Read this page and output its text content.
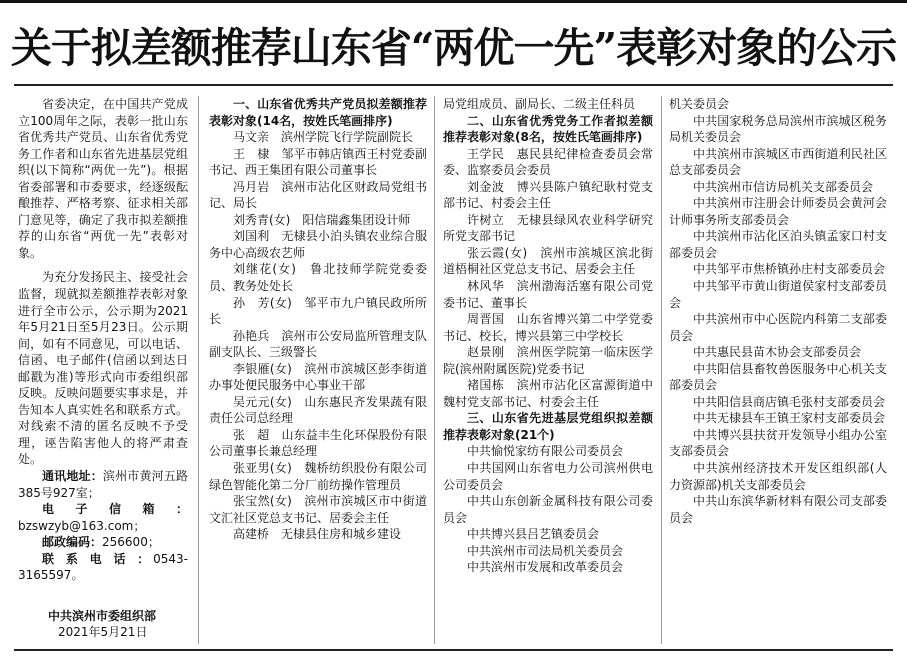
关于拟差额推荐山东省“两优一先”表彰对象的公示

省委决定，在中国共产党成立100周年之际，表彰一批山东省优秀共产党员、山东省优秀党务工作者和山东省先进基层党组织(以下简称“两优一先”)。根据省委部署和市委要求，经逐级酝酿推荐、严格考察、征求相关部门意见等，确定了我市拟差额推荐的山东省“两优一先”表彰对象。

为充分发扬民主、接受社会监督，现就拟差额推荐表彰对象进行全市公示，公示期为2021年5月21日至5月23日。公示期间，如有不同意见，可以电话、信函、电子邮件(信函以到达日邮戳为准)等形式向市委组织部反映。反映问题要实事求是，并告知本人真实姓名和联系方式。对线索不清的匿名反映不予受理，诬告陷害他人的将严肃查处。

通讯地址：滨州市黄河五路385号927室；

电 子 信 箱 ：bzswzyb@163.com；

邮政编码：256600；

联 系 电 话 ：0543-3165597。

中共滨州市委组织部

2021年5月21日

一、山东省优秀共产党员拟差额推荐表彰对象(14名，按姓氏笔画排序)

马文亲　滨州学院飞行学院副院长

王　棣　邹平市韩店镇西王村党委副书记、西王集团有限公司董事长

冯月岩　滨州市沾化区财政局党组书记、局长

刘秀青(女)　阳信瑞鑫集团设计师

刘国利　无棣县小泊头镇农业综合服务中心高级农艺师

刘继花(女)　鲁北技师学院党委委员、教务处处长

孙　芳(女)　邹平市九户镇民政所所长

孙艳兵　滨州市公安局监所管理支队副支队长、三级警长

李银雁(女)　滨州市滨城区彭李街道办事处便民服务中心事业干部

吴元元(女)　山东惠民齐发果蔬有限责任公司总经理

张　超　山东益丰生化环保股份有限公司董事长兼总经理

张亚男(女)　魏桥纺织股份有限公司绿色智能化第二分厂前纺操作管理员

张宝然(女)　滨州市滨城区市中街道文汇社区党总支书记、居委会主任

高建桥　无棣县住房和城乡建设

局党组成员、副局长、二级主任科员

二、山东省优秀党务工作者拟差额推荐表彰对象(8名，按姓氏笔画排序)

王学民　惠民县纪律检查委员会常委、监察委员会委员

刘金波　博兴县陈户镇纪耿村党支部书记、村委会主任

许树立　无棣县绿风农业科学研究所党支部书记

张云霞(女)　滨州市滨城区滨北街道梧桐社区党总支书记、居委会主任

林风华　滨州渤海活塞有限公司党委书记、董事长

周晋国　山东省博兴第二中学党委书记、校长，博兴县第三中学校长

赵景刚　滨州医学院第一临床医学院(滨州附属医院)党委书记

褚国栋　滨州市沾化区富源街道中魏村党支部书记、村委会主任

三、山东省先进基层党组织拟差额推荐表彰对象(21个)

中共愉悦家纺有限公司委员会

中共国网山东省电力公司滨州供电公司委员会

中共山东创新金属科技有限公司委员会

中共博兴县吕艺镇委员会

中共滨州市司法局机关委员会

中共滨州市发展和改革委员会

机关委员会

中共国家税务总局滨州市滨城区税务局机关委员会

中共滨州市滨城区市西街道利民社区总支部委员会

中共滨州市信访局机关支部委员会

中共滨州市注册会计师委员会黄河会计师事务所支部委员会

中共滨州市沾化区泊头镇孟家口村支部委员会

中共邹平市焦桥镇孙庄村支部委员会

中共邹平市黄山街道侯家村支部委员会

中共滨州市中心医院内科第二支部委员会

中共惠民县苗木协会支部委员会

中共阳信县畜牧兽医服务中心机关支部委员会

中共阳信县商店镇毛张村支部委员会

中共无棣县车王镇王家村支部委员会

中共博兴县扶贫开发领导小组办公室支部委员会

中共滨州经济技术开发区组织部(人力资源部)机关支部委员会

中共山东滨华新材料有限公司支部委员会
